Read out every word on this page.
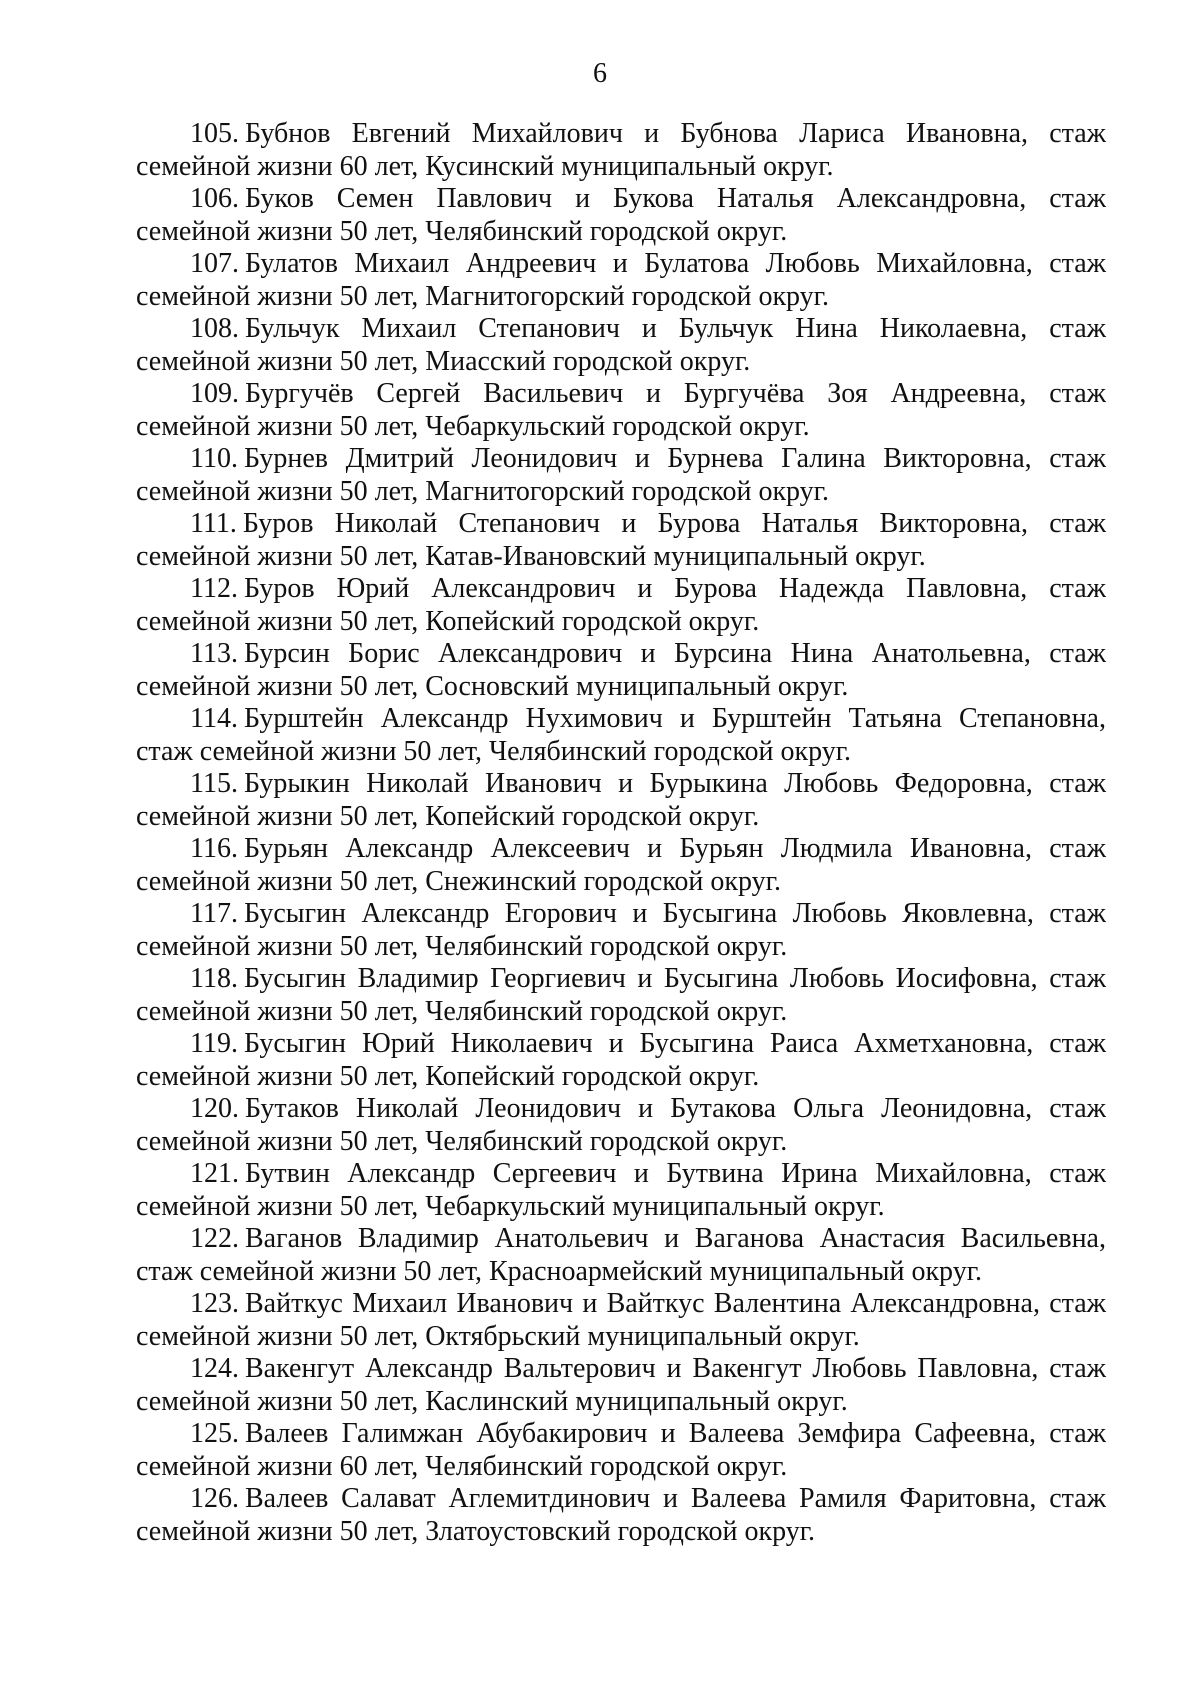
6
105. Бубнов Евгений Михайлович и Бубнова Лариса Ивановна, стаж семейной жизни 60 лет, Кусинский муниципальный округ.
106. Буков Семен Павлович и Букова Наталья Александровна, стаж семейной жизни 50 лет, Челябинский городской округ.
107. Булатов Михаил Андреевич и Булатова Любовь Михайловна, стаж семейной жизни 50 лет, Магнитогорский городской округ.
108. Бульчук Михаил Степанович и Бульчук Нина Николаевна, стаж семейной жизни 50 лет, Миасский городской округ.
109. Бургучёв Сергей Васильевич и Бургучёва Зоя Андреевна, стаж семейной жизни 50 лет, Чебаркульский городской округ.
110. Бурнев Дмитрий Леонидович и Бурнева Галина Викторовна, стаж семейной жизни 50 лет, Магнитогорский городской округ.
111. Буров Николай Степанович и Бурова Наталья Викторовна, стаж семейной жизни 50 лет, Катав-Ивановский муниципальный округ.
112. Буров Юрий Александрович и Бурова Надежда Павловна, стаж семейной жизни 50 лет, Копейский городской округ.
113. Бурсин Борис Александрович и Бурсина Нина Анатольевна, стаж семейной жизни 50 лет, Сосновский муниципальный округ.
114. Бурштейн Александр Нухимович и Бурштейн Татьяна Степановна, стаж семейной жизни 50 лет, Челябинский городской округ.
115. Бурыкин Николай Иванович и Бурыкина Любовь Федоровна, стаж семейной жизни 50 лет, Копейский городской округ.
116. Бурьян Александр Алексеевич и Бурьян Людмила Ивановна, стаж семейной жизни 50 лет, Снежинский городской округ.
117. Бусыгин Александр Егорович и Бусыгина Любовь Яковлевна, стаж семейной жизни 50 лет, Челябинский городской округ.
118. Бусыгин Владимир Георгиевич и Бусыгина Любовь Иосифовна, стаж семейной жизни 50 лет, Челябинский городской округ.
119. Бусыгин Юрий Николаевич и Бусыгина Раиса Ахметхановна, стаж семейной жизни 50 лет, Копейский городской округ.
120. Бутаков Николай Леонидович и Бутакова Ольга Леонидовна, стаж семейной жизни 50 лет, Челябинский городской округ.
121. Бутвин Александр Сергеевич и Бутвина Ирина Михайловна, стаж семейной жизни 50 лет, Чебаркульский муниципальный округ.
122. Ваганов Владимир Анатольевич и Ваганова Анастасия Васильевна, стаж семейной жизни 50 лет, Красноармейский муниципальный округ.
123. Вайткус Михаил Иванович и Вайткус Валентина Александровна, стаж семейной жизни 50 лет, Октябрьский муниципальный округ.
124. Вакенгут Александр Вальтерович и Вакенгут Любовь Павловна, стаж семейной жизни 50 лет, Каслинский муниципальный округ.
125. Валеев Галимжан Абубакирович и Валеева Земфира Сафеевна, стаж семейной жизни 60 лет, Челябинский городской округ.
126. Валеев Салават Аглемитдинович и Валеева Рамиля Фаритовна, стаж семейной жизни 50 лет, Златоустовский городской округ.
